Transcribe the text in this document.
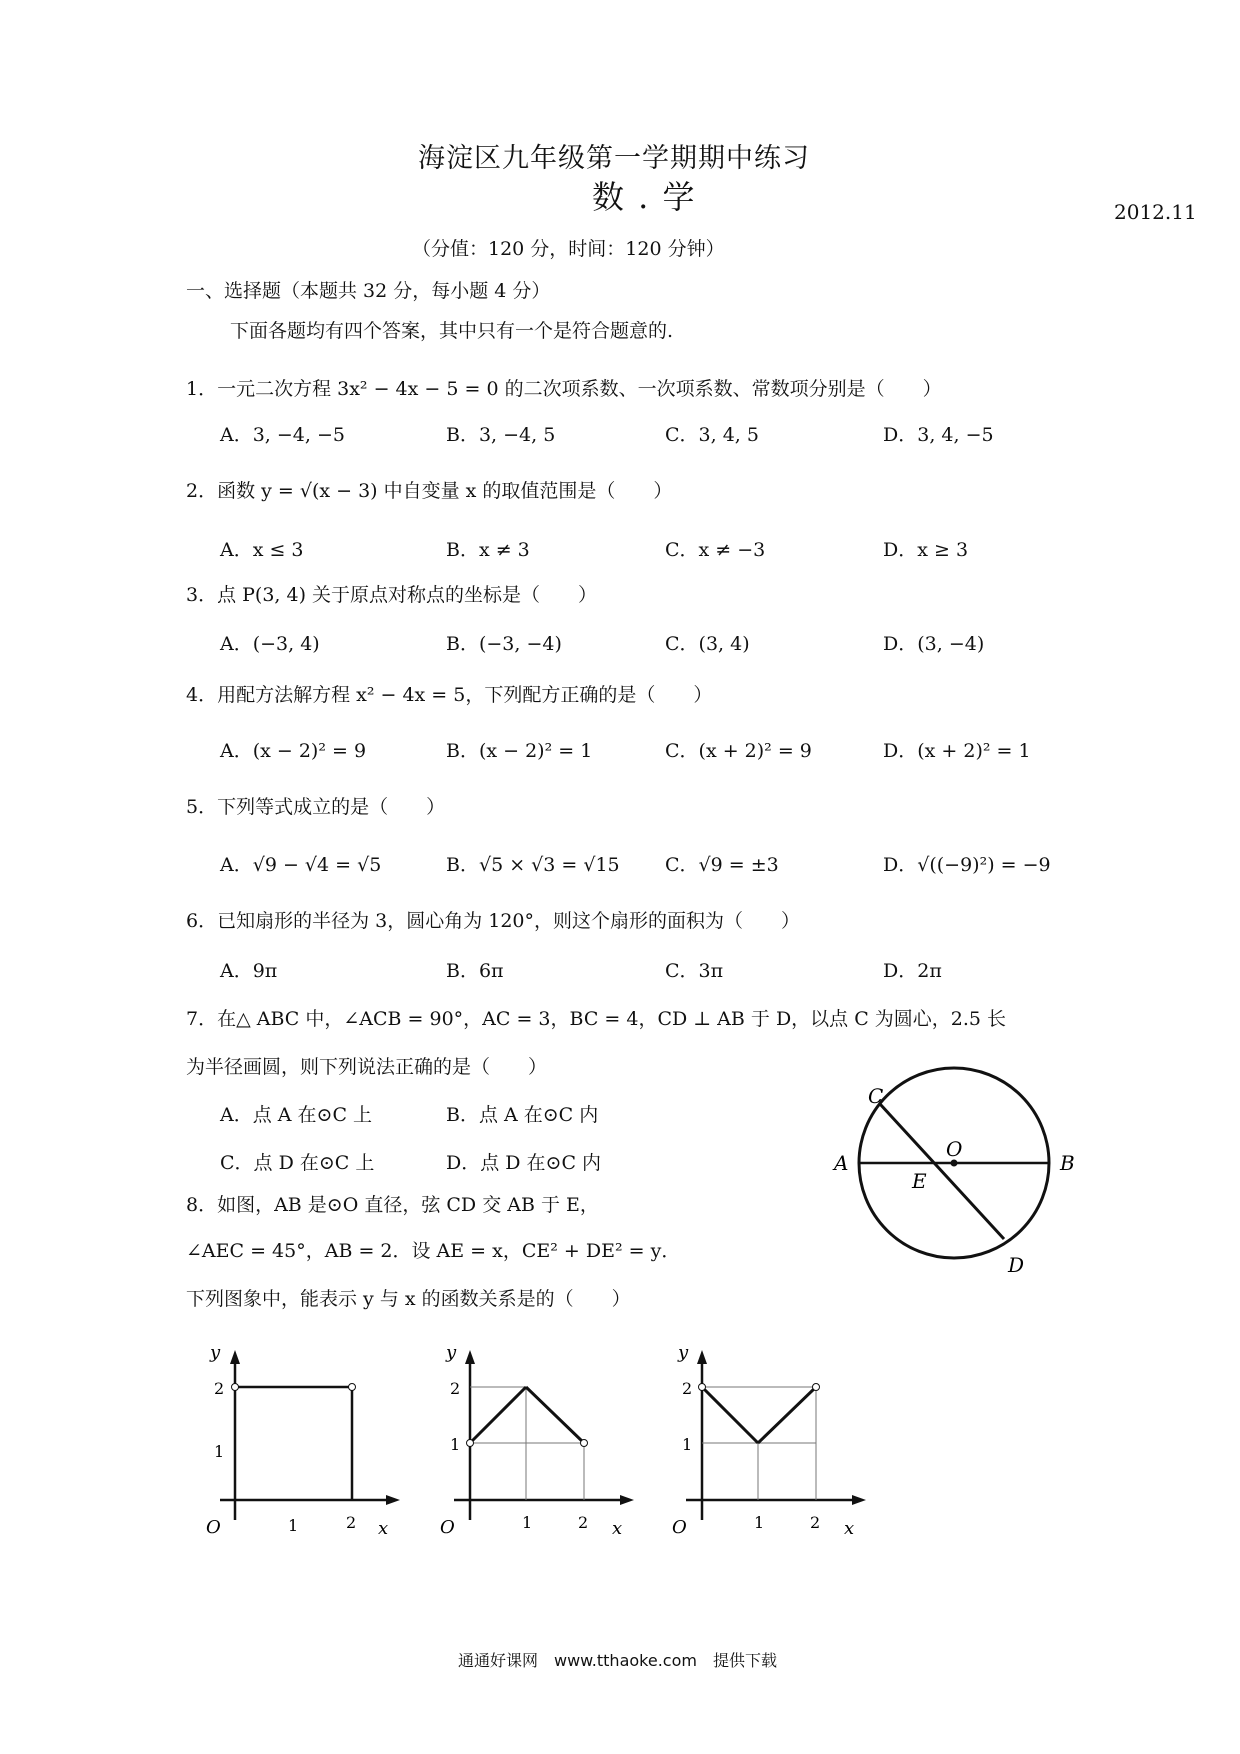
海淀区九年级第一学期期中练习
数 . 学	2012.11
（分值：120 分，时间：120 分钟）
一、选择题（本题共 32 分，每小题 4 分）
下面各题均有四个答案，其中只有一个是符合题意的.
1．一元二次方程 3x² − 4x − 5 = 0 的二次项系数、一次项系数、常数项分别是（　　）
A．3, −4, −5	B．3, −4, 5	C．3, 4, 5	D．3, 4, −5
2．函数 y = √(x − 3) 中自变量 x 的取值范围是（　　）
A．x ≤ 3	B．x ≠ 3	C．x ≠ −3	D．x ≥ 3
3．点 P(3, 4) 关于原点对称点的坐标是（　　）
A．(−3, 4)	B．(−3, −4)	C．(3, 4)	D．(3, −4)
4．用配方法解方程 x² − 4x = 5，下列配方正确的是（　　）
A．(x − 2)² = 9	B．(x − 2)² = 1	C．(x + 2)² = 9	D．(x + 2)² = 1
5．下列等式成立的是（　　）
A．√9 − √4 = √5	B．√5 × √3 = √15 C．√9 = ±3	D．√((−9)²) = −9
6．已知扇形的半径为 3，圆心角为 120°，则这个扇形的面积为（　　）
A．9π	B．6π	C．3π	D．2π
7．在△ ABC 中，∠ACB = 90°，AC = 3，BC = 4，CD ⊥ AB 于 D，以点 C 为圆心，2.5 长
为半径画圆，则下列说法正确的是（　　）
A．点 A 在⊙C 上	B．点 A 在⊙C 内
C．点 D 在⊙C 上	D．点 D 在⊙C 内
8．如图，AB 是⊙O 直径，弦 CD 交 AB 于 E，
∠AEC = 45°，AB = 2．设 AE = x，CE² + DE² = y．
下列图象中，能表示 y 与 x 的函数关系是的（　　）
C
O
A
E
B
D
y
2
1
O	1	2 x
y
2
1
O	1	2 x
y
2
1
O	1	2 x
通通好课网　www.tthaoke.com　提供下载
